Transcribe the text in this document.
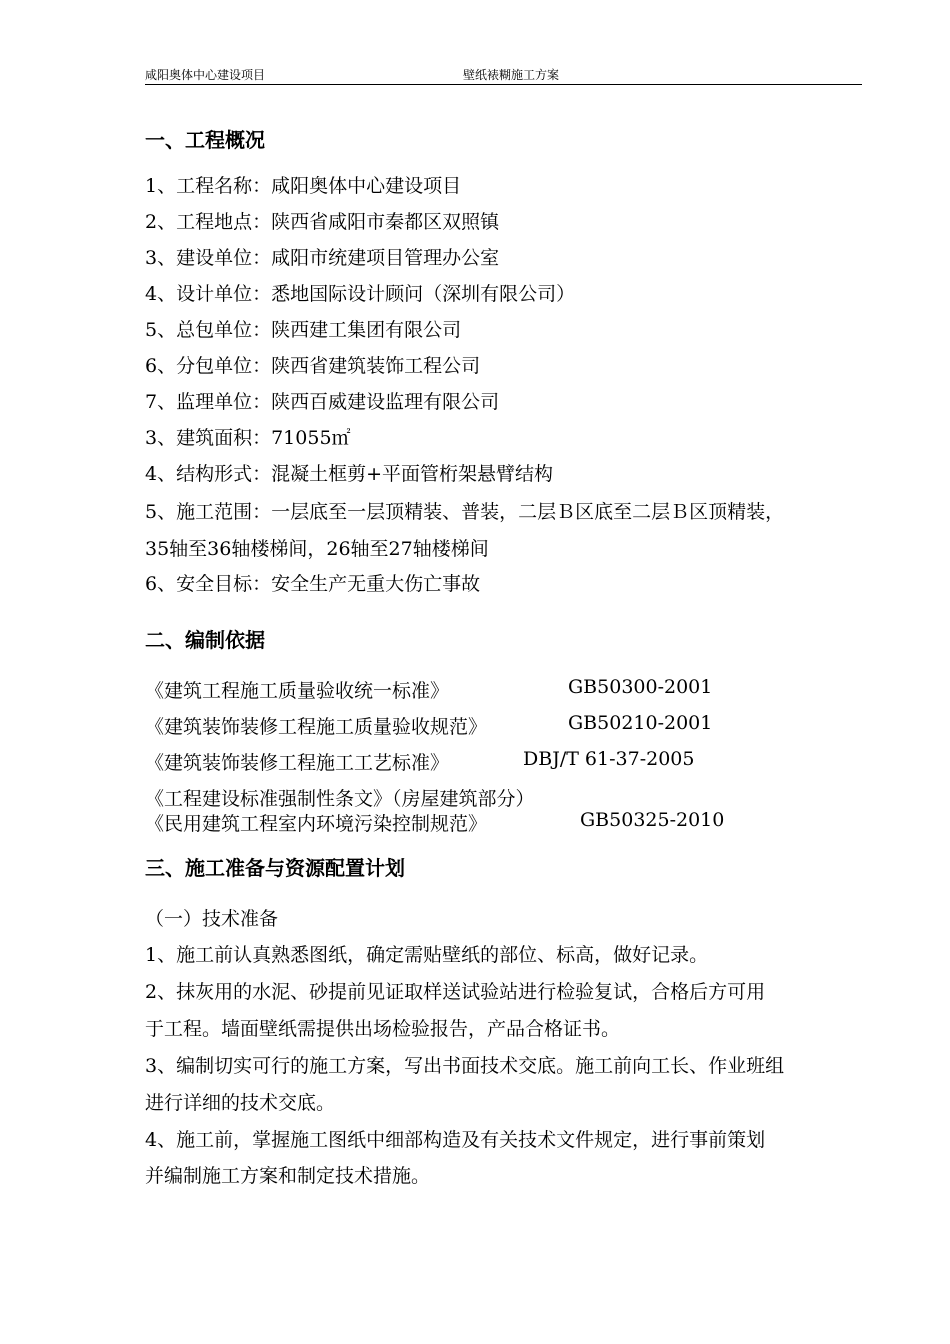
咸阳奥体中心建设项目	壁纸裱糊施工方案
一、工程概况
1、工程名称：咸阳奥体中心建设项目
2、工程地点：陕西省咸阳市秦都区双照镇
3、建设单位：咸阳市统建项目管理办公室
4、设计单位：悉地国际设计顾问（深圳有限公司）
5、总包单位：陕西建工集团有限公司
6、分包单位：陕西省建筑装饰工程公司
7、监理单位：陕西百威建设监理有限公司
3、建筑面积：71055㎡
4、结构形式：混凝土框剪+平面管桁架悬臂结构
5、施工范围：一层底至一层顶精装、普装，二层Ｂ区底至二层Ｂ区顶精装，
35轴至36轴楼梯间，26轴至27轴楼梯间
6、安全目标：安全生产无重大伤亡事故
二、编制依据
《建筑工程施工质量验收统一标准》	GB50300-2001
《建筑装饰装修工程施工质量验收规范》	GB50210-2001
《建筑装饰装修工程施工工艺标准》	DBJ/T 61-37-2005
《工程建设标准强制性条文》（房屋建筑部分）
《民用建筑工程室内环境污染控制规范》	GB50325-2010
三、施工准备与资源配置计划
（一）技术准备
1、施工前认真熟悉图纸，确定需贴壁纸的部位、标高，做好记录。
2、抹灰用的水泥、砂提前见证取样送试验站进行检验复试，合格后方可用
于工程。墙面壁纸需提供出场检验报告，产品合格证书。
3、编制切实可行的施工方案，写出书面技术交底。施工前向工长、作业班组
进行详细的技术交底。
4、施工前，掌握施工图纸中细部构造及有关技术文件规定，进行事前策划
并编制施工方案和制定技术措施。
